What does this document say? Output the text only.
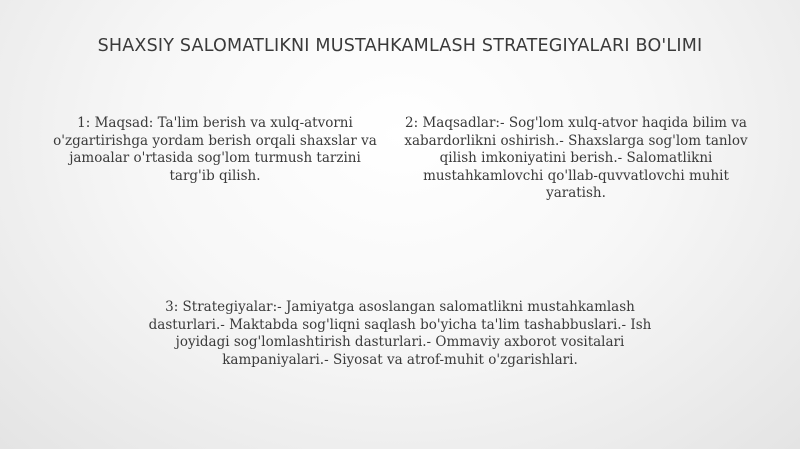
SHAXSIY SALOMATLIKNI MUSTAHKAMLASH STRATEGIYALARI BO'LIMI

1: Maqsad: Ta'lim berish va xulq-atvorni o'zgartirishga yordam berish orqali shaxslar va jamoalar o'rtasida sog'lom turmush tarzini targ'ib qilish.

2: Maqsadlar:- Sog'lom xulq-atvor haqida bilim va xabardorlikni oshirish.- Shaxslarga sog'lom tanlov qilish imkoniyatini berish.- Salomatlikni mustahkamlovchi qo'llab-quvvatlovchi muhit yaratish.

3: Strategiyalar:- Jamiyatga asoslangan salomatlikni mustahkamlash dasturlari.- Maktabda sog'liqni saqlash bo'yicha ta'lim tashabbuslari.- Ish joyidagi sog'lomlashtirish dasturlari.- Ommaviy axborot vositalari kampaniyalari.- Siyosat va atrof-muhit o'zgarishlari.
